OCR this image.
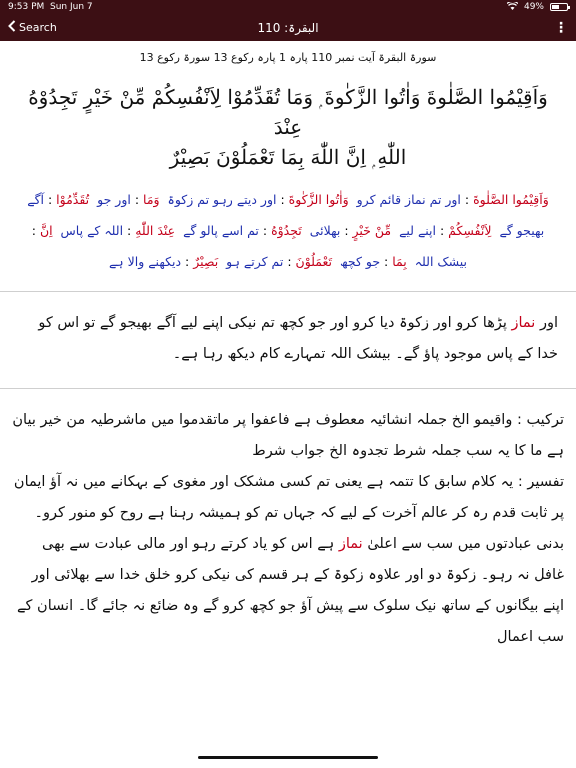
9:53 PM Sun Jun 7	49%
Search	البقرۃ: 110	⋮
سورۃ البقرۃ آیت نمبر 110 پارہ 1 پارہ رکوع 13 سورۃ رکوع 13
وَاَقِيْمُوا الصَّلٰوةَ وَاٰتُوا الزَّكٰوةَ ۭ وَمَا تُقَدِّمُوْا لِاَنْفُسِكُمْ مِّنْ خَيْرٍ تَجِدُوْهُ عِنْدَ
اللّٰهِ ۭ اِنَّ اللّٰهَ بِمَا تَعْمَلُوْنَ بَصِيْرٌ
وَاَقِيْمُوا الصَّلٰوةَ : اور تم نماز قائم کرو  وَاٰتُوا الزَّكٰوةَ : اور دیتے رہو تم زکوۃ  وَمَا : اور جو  تُقَدِّمُوْا : آگے بھیجو گے  لِاَنْفُسِكُمْ : اپنے لیے  مِّنْ خَيْرٍ : بھلائی  تَجِدُوْهُ : تم اسے پالو گے  عِنْدَ اللّٰهِ : اللہ کے پاس  اِنَّ : بیشک اللہ  بِمَا : جو کچھ  تَعْمَلُوْنَ : تم کرتے ہو  بَصِيْرٌ : دیکھنے والا ہے
اور نماز پڑھا کرو اور زکوۃ دیا کرو اور جو کچھ تم نیکی اپنے لیے آگے بھیجو گے تو اس کو خدا کے پاس موجود پاؤ گے۔ بیشک اللہ تمہارے کام دیکھ رہا ہے۔

ترکیب : واقیمو الخ جملہ انشائیہ معطوف ہے فاعفوا پر ماتقدموا میں ماشرطیہ من خیر بیان ہے ما کا یہ سب جملہ شرط تجدوہ الخ جواب شرط

تفسیر : یہ کلام سابق کا تتمہ ہے یعنی تم کسی مشکک اور مغوی کے بہکانے میں نہ آؤ ایمان پر ثابت قدم رہ کر عالم آخرت کے لیے کہ جہاں تم کو ہمیشہ رہنا ہے روح کو منور کرو۔ بدنی عبادتوں میں سب سے اعلیٰ نماز ہے اس کو یاد کرتے رہو اور مالی عبادت سے بھی غافل نہ رہو۔ زکوۃ دو اور علاوہ زکوۃ کے ہر قسم کی نیکی کرو خلق خدا سے بھلائی اور اپنے بیگانوں کے ساتھ نیک سلوک سے پیش آؤ جو کچھ کرو گے وہ ضائع نہ جائے گا۔ انسان کے سب اعمال
